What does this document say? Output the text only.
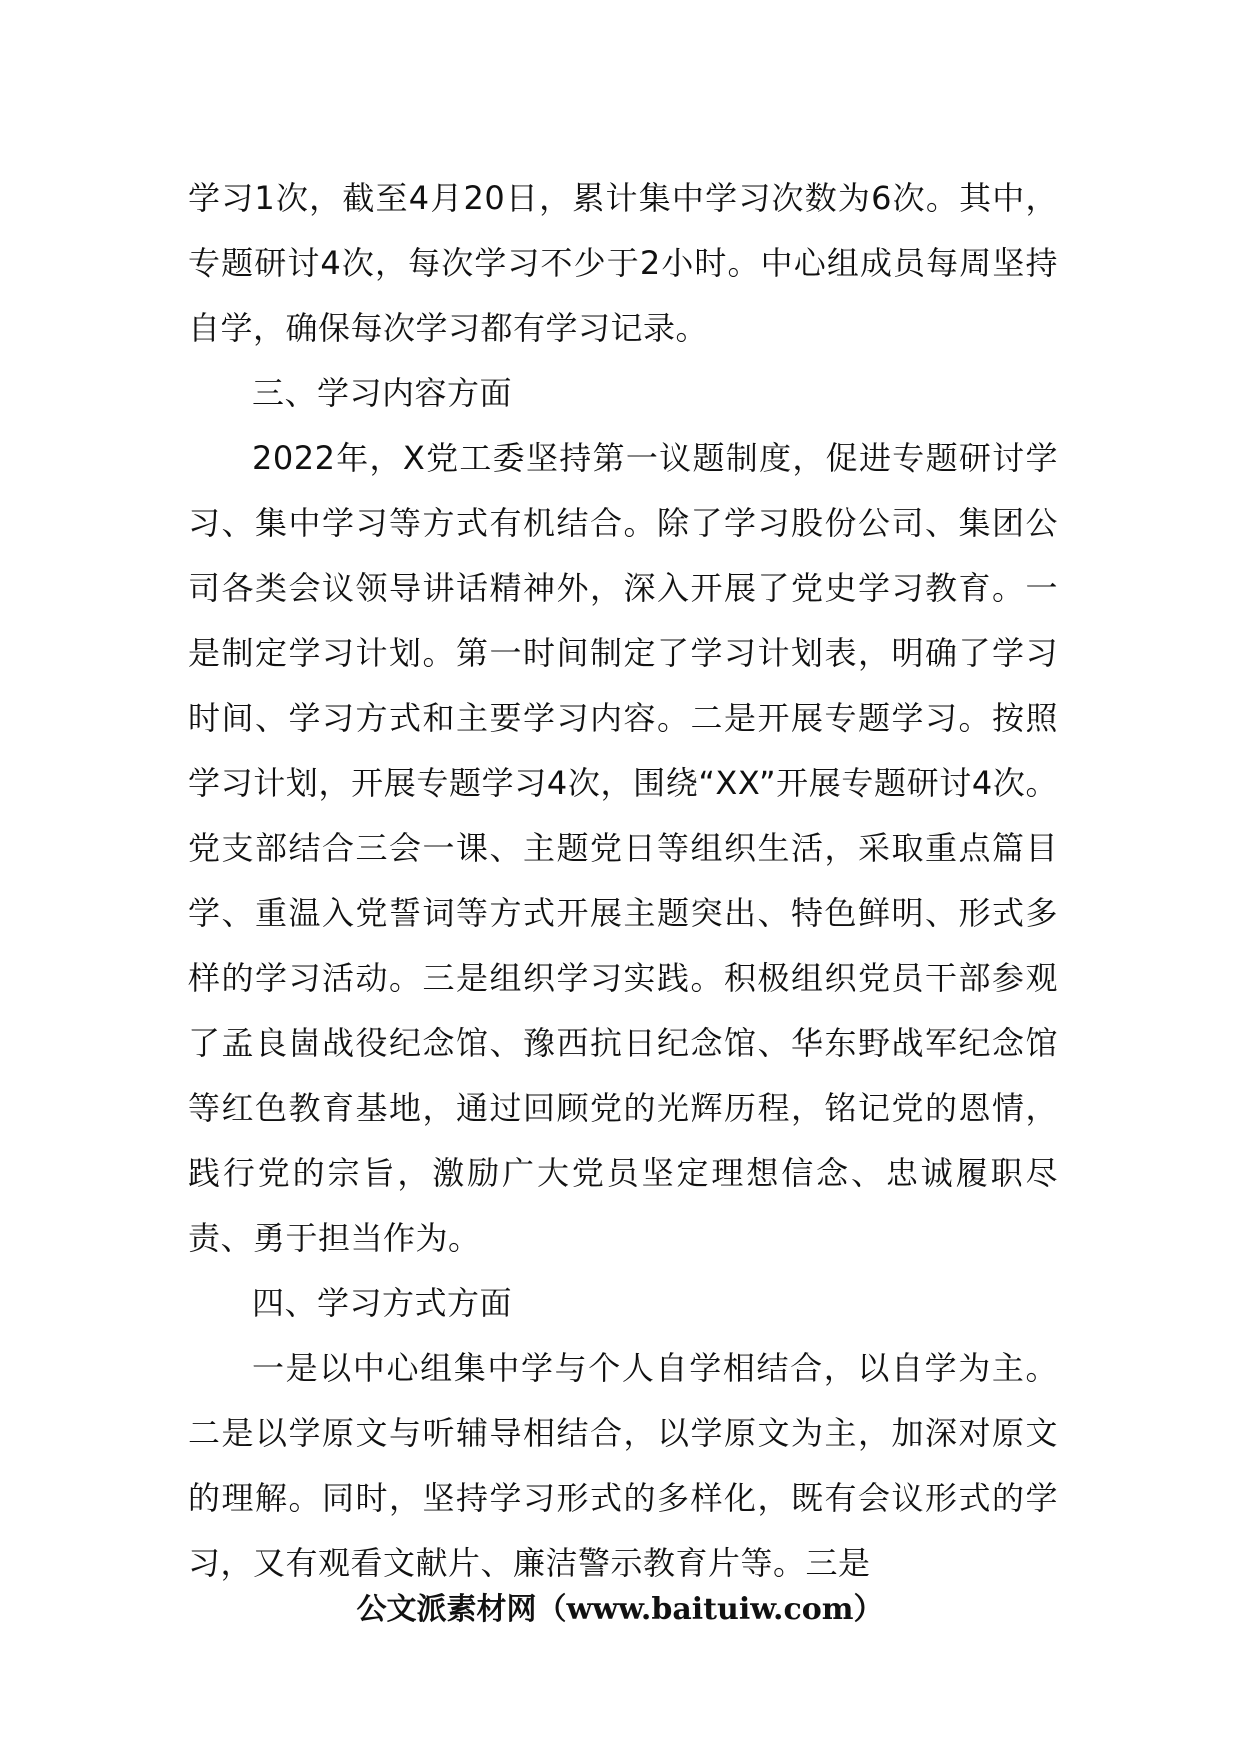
学习1次，截至4月20日，累计集中学习次数为6次。其中，专题研讨4次，每次学习不少于2小时。中心组成员每周坚持自学，确保每次学习都有学习记录。

三、学习内容方面

2022年，X党工委坚持第一议题制度，促进专题研讨学习、集中学习等方式有机结合。除了学习股份公司、集团公司各类会议领导讲话精神外，深入开展了党史学习教育。一是制定学习计划。第一时间制定了学习计划表，明确了学习时间、学习方式和主要学习内容。二是开展专题学习。按照学习计划，开展专题学习4次，围绕“XX”开展专题研讨4次。党支部结合三会一课、主题党日等组织生活，采取重点篇目学、重温入党誓词等方式开展主题突出、特色鲜明、形式多样的学习活动。三是组织学习实践。积极组织党员干部参观了孟良崮战役纪念馆、豫西抗日纪念馆、华东野战军纪念馆等红色教育基地，通过回顾党的光辉历程，铭记党的恩情，践行党的宗旨，激励广大党员坚定理想信念、忠诚履职尽责、勇于担当作为。

四、学习方式方面

一是以中心组集中学与个人自学相结合，以自学为主。二是以学原文与听辅导相结合，以学原文为主，加深对原文的理解。同时，坚持学习形式的多样化，既有会议形式的学习，又有观看文献片、廉洁警示教育片等。三是

公文派素材网（www.baituiw.com）
